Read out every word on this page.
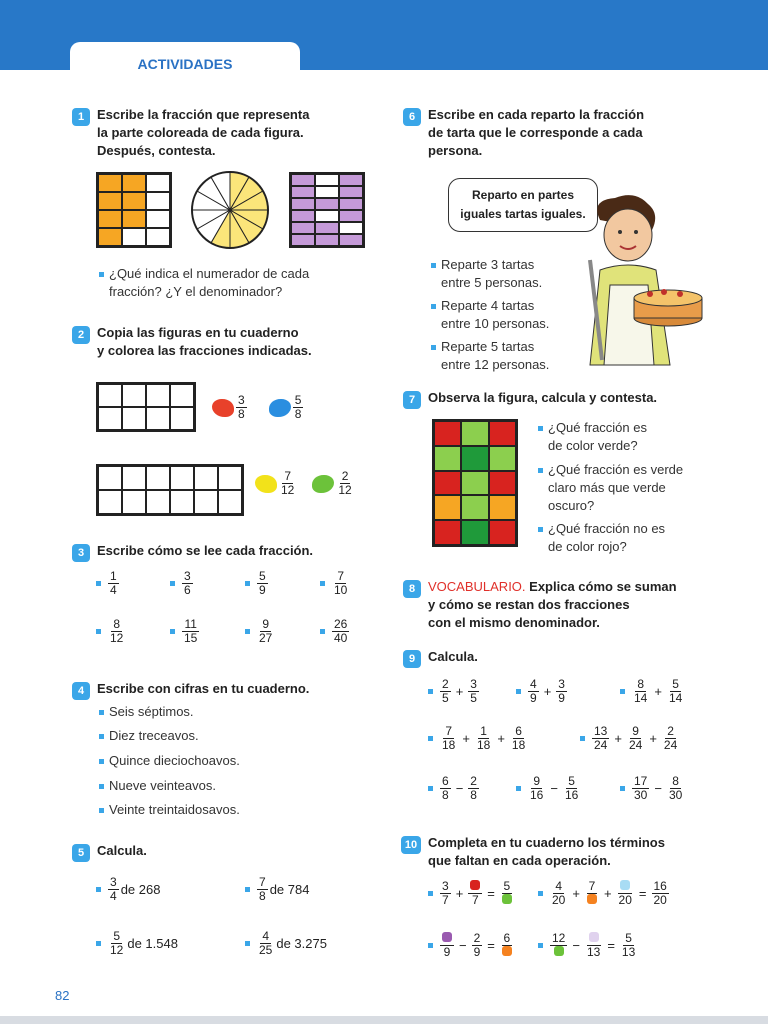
ACTIVIDADES
1 Escribe la fracción que representa
la parte coloreada de cada figura.
Después, contesta.
¿Qué indica el numerador de cada
fracción? ¿Y el denominador?
2 Copia las figuras en tu cuaderno
y colorea las fracciones indicadas.
$\frac{3}{8}$	$\frac{5}{8}$
$\frac{7}{12}$	$\frac{2}{12}$
3 Escribe cómo se lee cada fracción.
$\frac{1}{4}$	$\frac{3}{6}$	$\frac{5}{9}$	$\frac{7}{10}$
$\frac{8}{12}$	$\frac{11}{15}$	$\frac{9}{27}$	$\frac{26}{40}$
4 Escribe con cifras en tu cuaderno.
Seis séptimos.
Diez treceavos.
Quince dieciochoavos.
Nueve veinteavos.
Veinte treintaidosavos.
5 Calcula.
$\frac{3}{4}$ de 268	$\frac{7}{8}$ de 784
$\frac{5}{12}$ de 1.548	$\frac{4}{25}$ de 3.275
6 Escribe en cada reparto la fracción
de tarta que le corresponde a cada
persona.
Reparto en partes
iguales tartas iguales.
Reparte 3 tartas
entre 5 personas.
Reparte 4 tartas
entre 10 personas.
Reparte 5 tartas
entre 12 personas.
7 Observa la figura, calcula y contesta.
¿Qué fracción es
de color verde?
¿Qué fracción es verde
claro más que verde
oscuro?
¿Qué fracción no es
de color rojo?
8 VOCABULARIO. Explica cómo se suman
y cómo se restan dos fracciones
con el mismo denominador.
9 Calcula.
$\frac{2}{5} + \frac{3}{5}$	$\frac{4}{9} + \frac{3}{9}$	$\frac{8}{14} + \frac{5}{14}$
$\frac{7}{18} + \frac{1}{18} + \frac{6}{18}$	$\frac{13}{24} + \frac{9}{24} + \frac{2}{24}$
$\frac{6}{8} - \frac{2}{8}$	$\frac{9}{16} - \frac{5}{16}$	$\frac{17}{30} - \frac{8}{30}$
10 Completa en tu cuaderno los términos
que faltan en cada operación.
$\frac{3}{7} + 7 = 5$	$\frac{4}{20} + 7 + 20 = \frac{16}{20}$
$9 - \frac{2}{9} = 6$	$12 - 13 = \frac{5}{13}$
82
